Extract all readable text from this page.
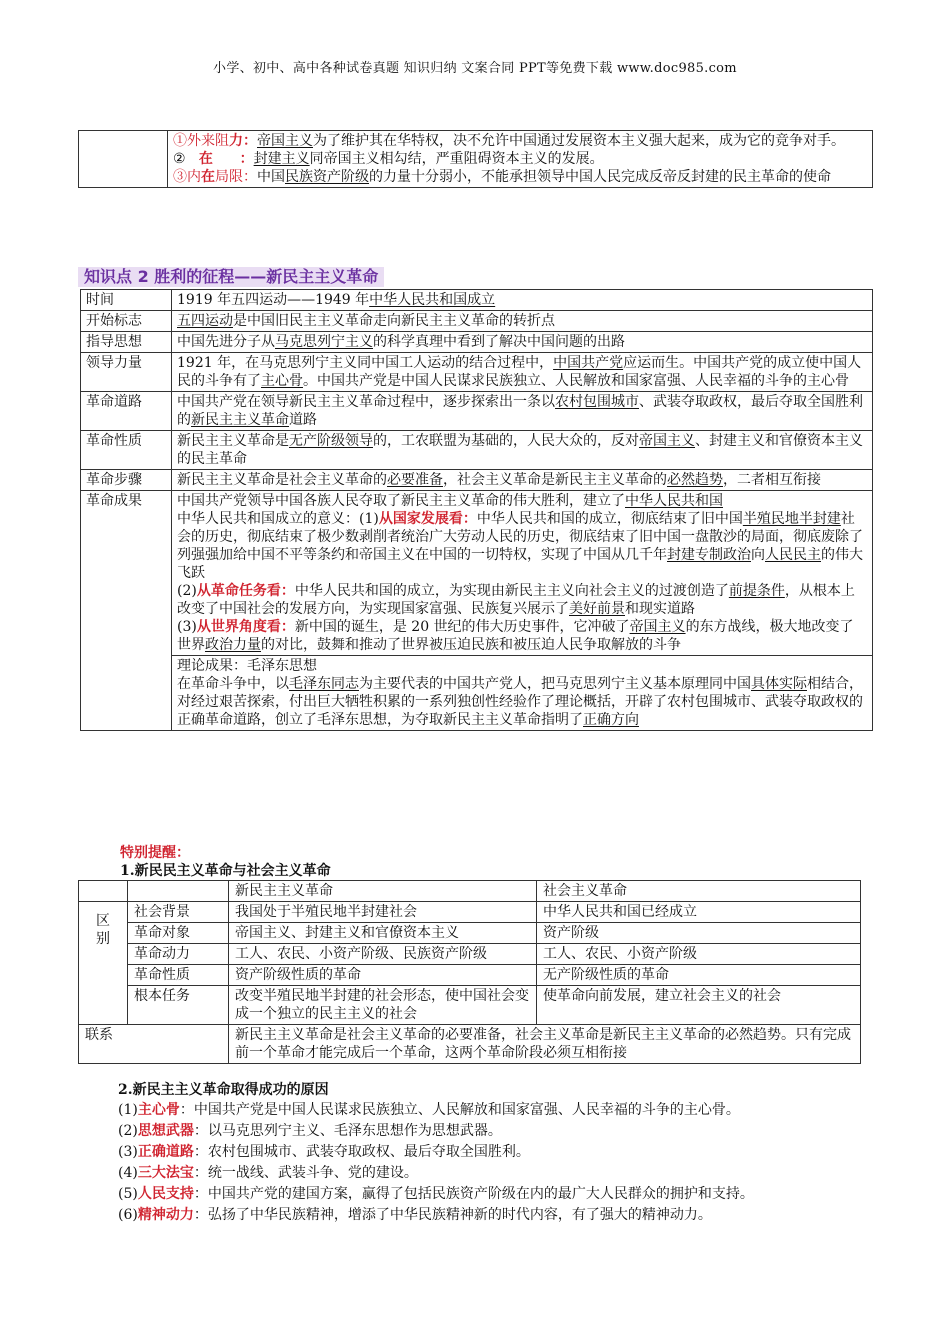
小学、初中、高中各种试卷真题 知识归纳 文案合同 PPT等免费下载 www.doc985.com

①外来阻力：帝国主义为了维护其在华特权，决不允许中国通过发展资本主义强大起来，成为它的竞争对手。
② 在 ：封建主义同帝国主义相勾结，严重阻碍资本主义的发展。
③内在局限：中国民族资产阶级的力量十分弱小，不能承担领导中国人民完成反帝反封建的民主革命的使命
知识点 2 胜利的征程——新民主主义革命
时间	1919 年五四运动——1949 年中华人民共和国成立
开始标志	五四运动是中国旧民主主义革命走向新民主主义革命的转折点
指导思想	中国先进分子从马克思列宁主义的科学真理中看到了解决中国问题的出路
领导力量	1921 年，在马克思列宁主义同中国工人运动的结合过程中，中国共产党应运而生。中国共产党的成立使中国人民的斗争有了主心骨。中国共产党是中国人民谋求民族独立、人民解放和国家富强、人民幸福的斗争的主心骨
革命道路	中国共产党在领导新民主主义革命过程中，逐步探索出一条以农村包围城市、武装夺取政权，最后夺取全国胜利的新民主主义革命道路
革命性质	新民主主义革命是无产阶级领导的，工农联盟为基础的，人民大众的，反对帝国主义、封建主义和官僚资本主义的民主革命
革命步骤	新民主主义革命是社会主义革命的必要准备，社会主义革命是新民主主义革命的必然趋势，二者相互衔接
革命成果	中国共产党领导中国各族人民夺取了新民主主义革命的伟大胜利，建立了中华人民共和国
中华人民共和国成立的意义：(1)从国家发展看：中华人民共和国的成立，彻底结束了旧中国半殖民地半封建社会的历史，彻底结束了极少数剥削者统治广大劳动人民的历史，彻底结束了旧中国一盘散沙的局面，彻底废除了列强强加给中国不平等条约和帝国主义在中国的一切特权，实现了中国从几千年封建专制政治向人民民主的伟大飞跃
(2)从革命任务看：中华人民共和国的成立，为实现由新民主主义向社会主义的过渡创造了前提条件，从根本上改变了中国社会的发展方向，为实现国家富强、民族复兴展示了美好前景和现实道路
(3)从世界角度看：新中国的诞生，是 20 世纪的伟大历史事件，它冲破了帝国主义的东方战线，极大地改变了世界政治力量的对比，鼓舞和推动了世界被压迫民族和被压迫人民争取解放的斗争

	理论成果：毛泽东思想
在革命斗争中，以毛泽东同志为主要代表的中国共产党人，把马克思列宁主义基本原理同中国具体实际相结合，对经过艰苦探索，付出巨大牺牲积累的一系列独创性经验作了理论概括，开辟了农村包围城市、武装夺取政权的正确革命道路，创立了毛泽东思想，为夺取新民主主义革命指明了正确方向
特别提醒：
1.新民民主义革命与社会主义革命
		新民主主义革命	社会主义革命
区
别	社会背景	我国处于半殖民地半封建社会	中华人民共和国已经成立
	革命对象	帝国主义、封建主义和官僚资本主义	资产阶级
	革命动力	工人、农民、小资产阶级、民族资产阶级	工人、农民、小资产阶级
	革命性质	资产阶级性质的革命	无产阶级性质的革命
	根本任务	改变半殖民地半封建的社会形态，使中国社会变成一个独立的民主主义的社会	使革命向前发展，建立社会主义的社会
联系		新民主主义革命是社会主义革命的必要准备，社会主义革命是新民主主义革命的必然趋势。只有完成前一个革命才能完成后一个革命，这两个革命阶段必须互相衔接	
2.新民主主义革命取得成功的原因
(1)主心骨：中国共产党是中国人民谋求民族独立、人民解放和国家富强、人民幸福的斗争的主心骨。
(2)思想武器：以马克思列宁主义、毛泽东思想作为思想武器。
(3)正确道路：农村包围城市、武装夺取政权、最后夺取全国胜利。
(4)三大法宝：统一战线、武装斗争、党的建设。
(5)人民支持：中国共产党的建国方案，赢得了包括民族资产阶级在内的最广大人民群众的拥护和支持。
(6)精神动力：弘扬了中华民族精神，增添了中华民族精神新的时代内容，有了强大的精神动力。
